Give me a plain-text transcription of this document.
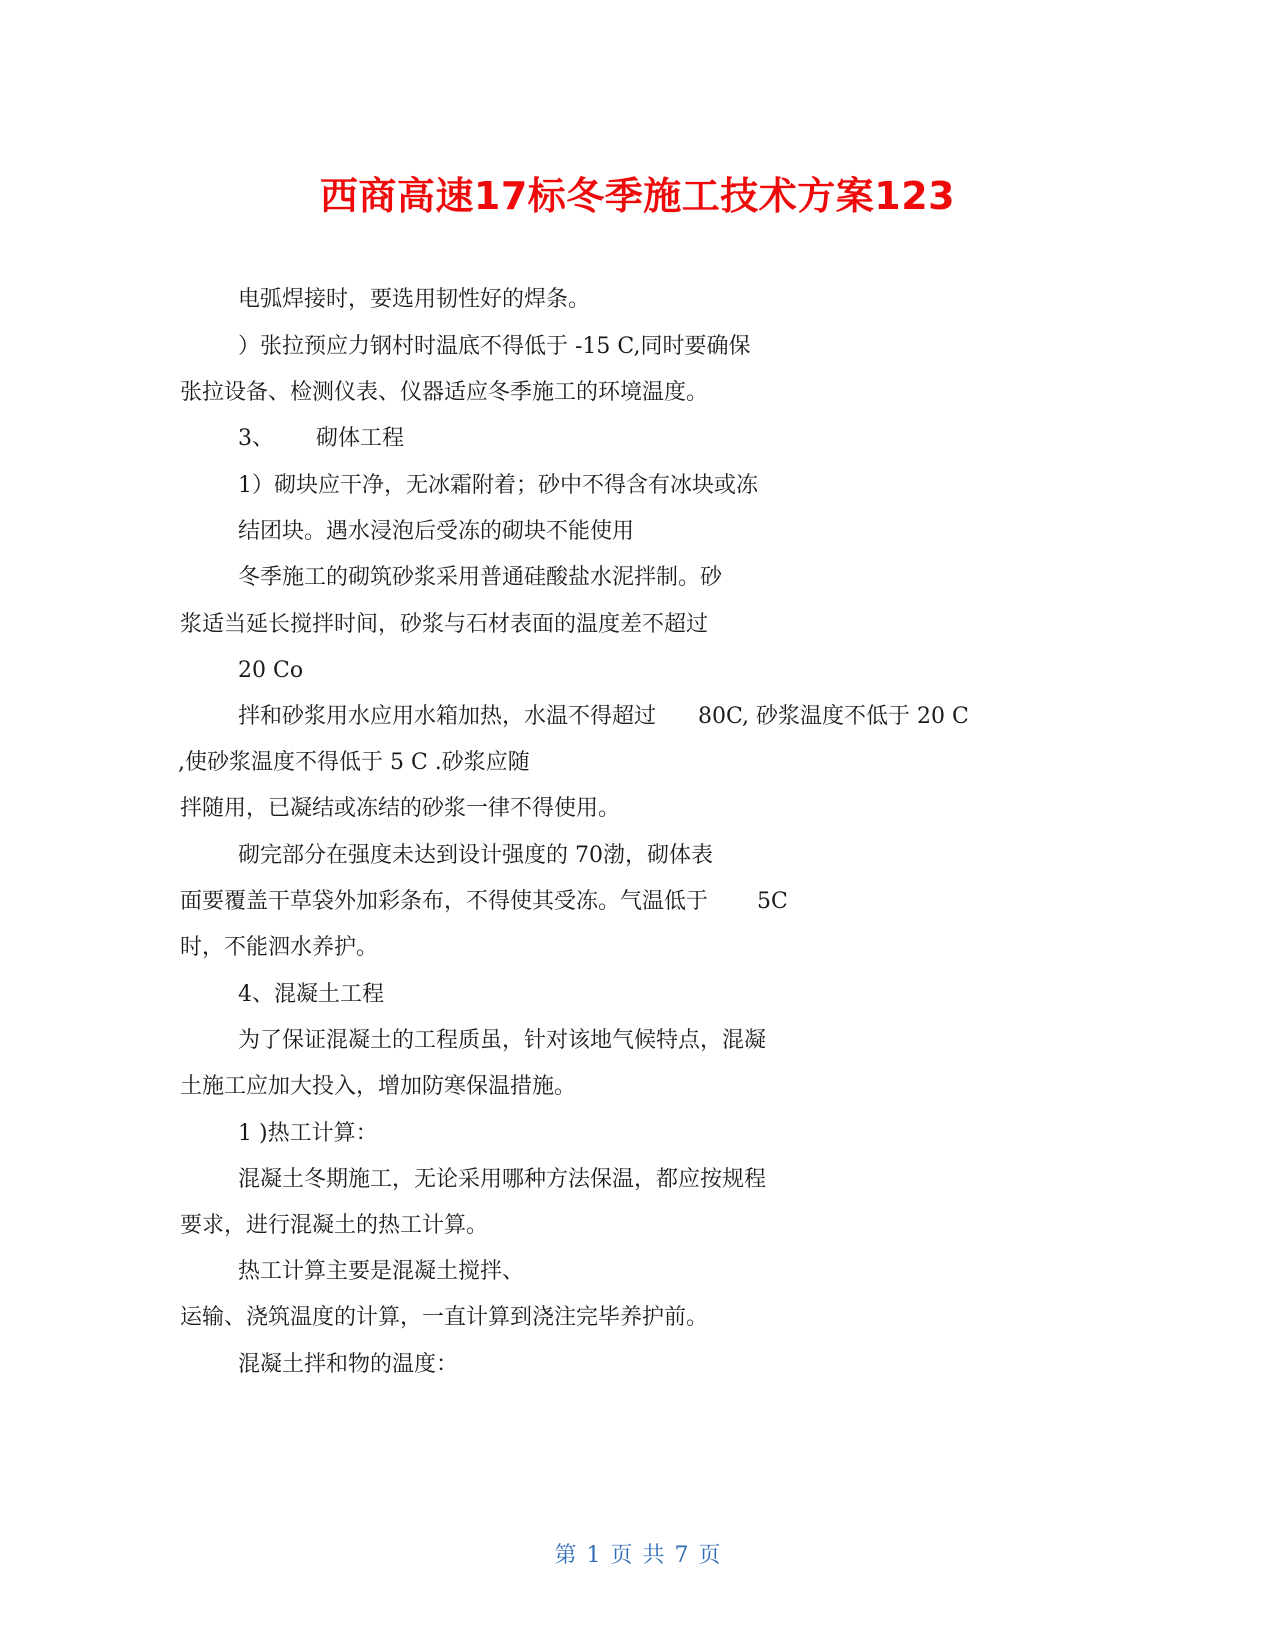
西商高速17标冬季施工技术方案123
电弧焊接时，要选用韧性好的焊条。
）张拉预应力钢村时温底不得低于 -15 C,同时要确保
张拉设备、检测仪表、仪器适应冬季施工的环境温度。
3、      砌体工程
1）砌块应干净，无冰霜附着；砂中不得含有冰块或冻
结团块。遇水浸泡后受冻的砌块不能使用
冬季施工的砌筑砂浆采用普通硅酸盐水泥拌制。砂
浆适当延长搅拌时间，砂浆与石材表面的温度差不超过
20 Co
拌和砂浆用水应用水箱加热，水温不得超过      80C, 砂浆温度不低于 20 C
,使砂浆温度不得低于 5 C .砂浆应随
拌随用，已凝结或冻结的砂浆一律不得使用。
砌完部分在强度未达到设计强度的 70渤，砌体表
面要覆盖干草袋外加彩条布，不得使其受冻。气温低于       5C
时，不能泗水养护。
4、混凝土工程
为了保证混凝土的工程质虽，针对该地气候特点，混凝
土施工应加大投入，增加防寒保温措施。
1 )热工计算：
混凝土冬期施工，无论采用哪种方法保温，都应按规程
要求，进行混凝土的热工计算。
热工计算主要是混凝土搅拌、
运输、浇筑温度的计算，一直计算到浇注完毕养护前。
混凝土拌和物的温度：
第 1 页 共 7 页
